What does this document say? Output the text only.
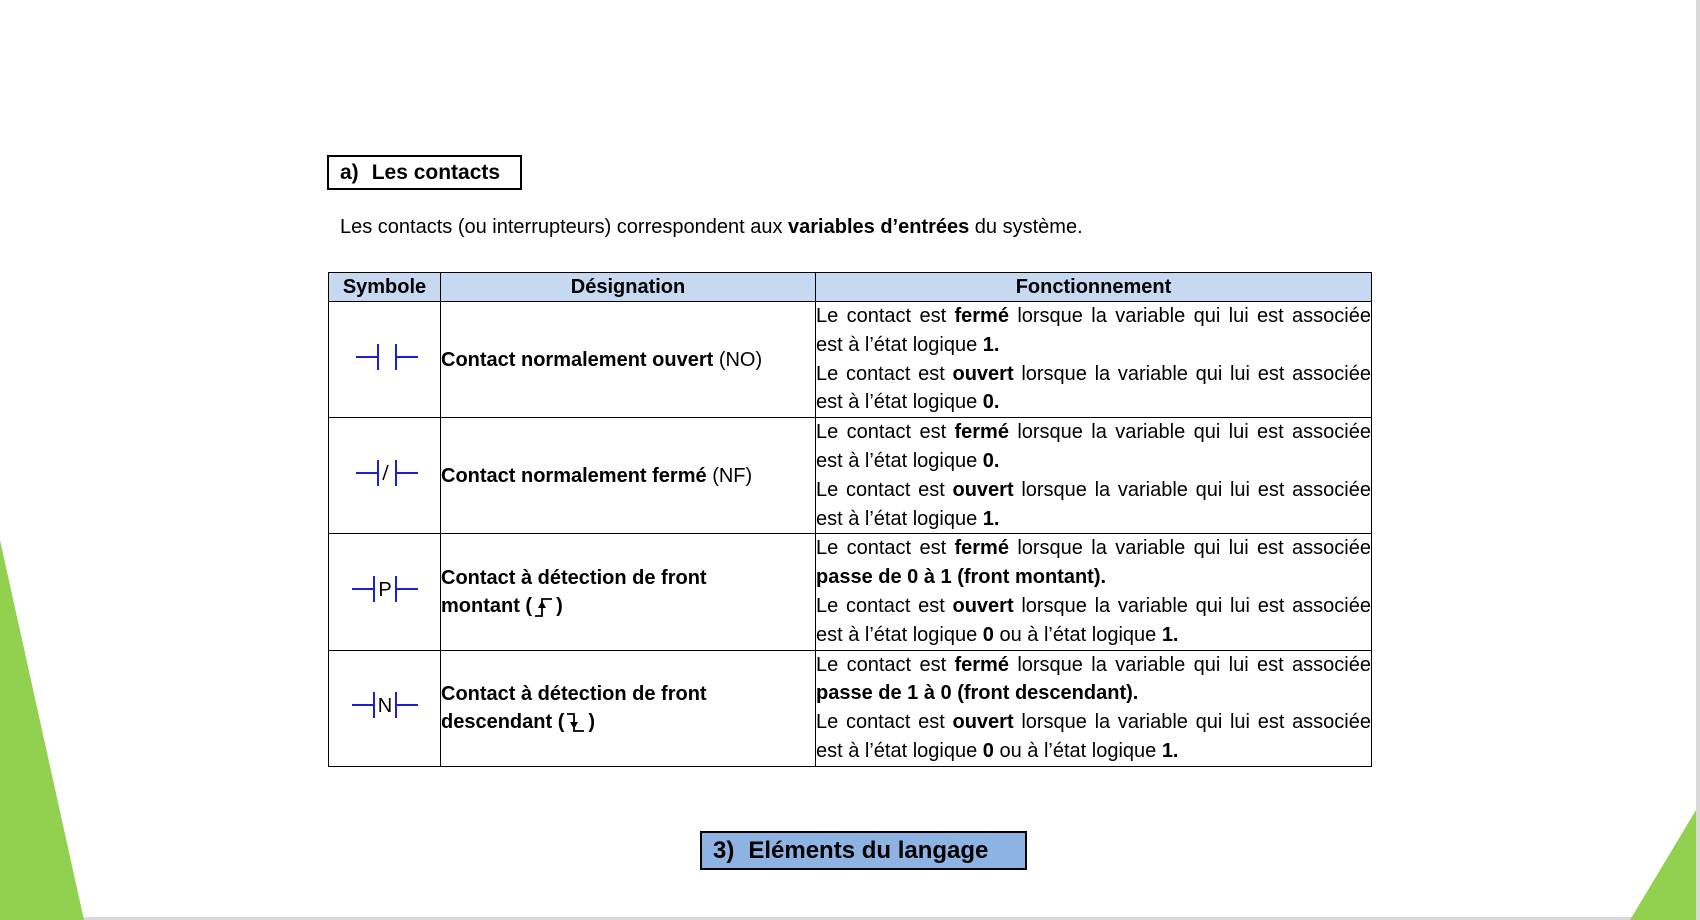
a) Les contacts
Les contacts (ou interrupteurs) correspondent aux variables d’entrées du système.
Symbole	Désignation	Fonctionnement
	Contact normalement ouvert (NO)	Le contact est fermé lorsque la variable qui lui est associée est à l’état logique 1.
Le contact est ouvert lorsque la variable qui lui est associée est à l’état logique 0.

	Contact normalement fermé (NF)	Le contact est fermé lorsque la variable qui lui est associée est à l’état logique 0.
Le contact est ouvert lorsque la variable qui lui est associée est à l’état logique 1.

P	Contact à détection de front
montant ( )	Le contact est fermé lorsque la variable qui lui est associée passe de 0 à 1 (front montant).
Le contact est ouvert lorsque la variable qui lui est associée est à l’état logique 0 ou à l’état logique 1.

N	Contact à détection de front
descendant ( )	Le contact est fermé lorsque la variable qui lui est associée passe de 1 à 0 (front descendant).
Le contact est ouvert lorsque la variable qui lui est associée est à l’état logique 0 ou à l’état logique 1.
3) Eléments du langage
